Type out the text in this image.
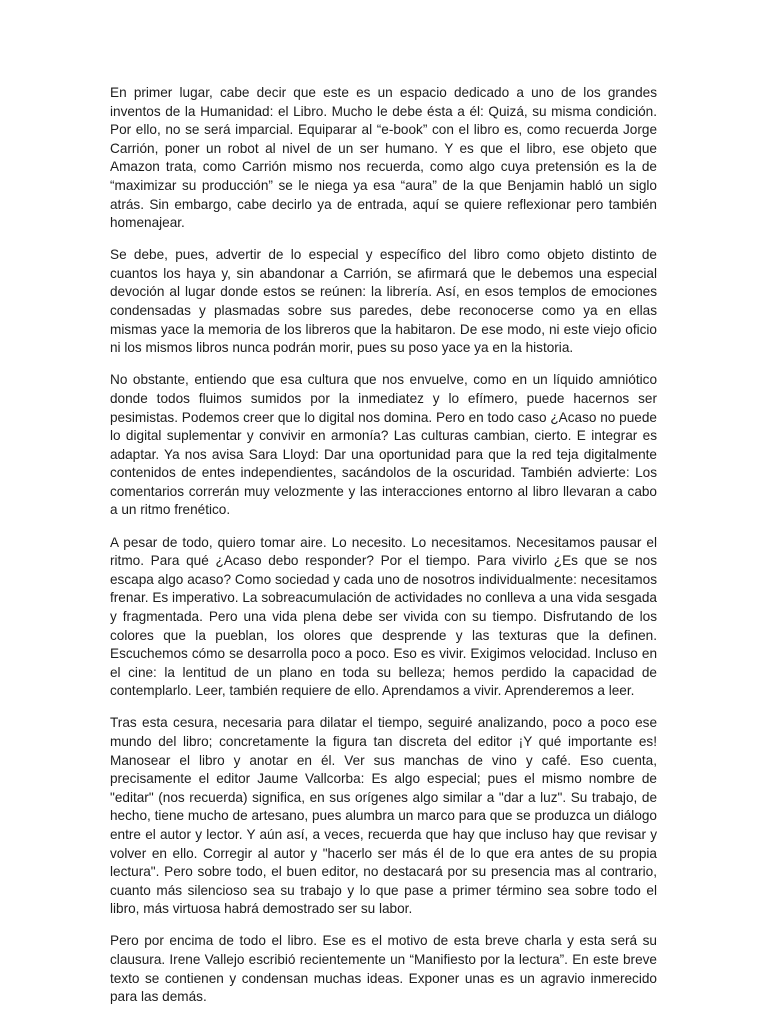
En primer lugar, cabe decir que este es un espacio dedicado a uno de los grandes inventos de la Humanidad: el Libro. Mucho le debe ésta a él: Quizá, su misma condición. Por ello, no se será imparcial. Equiparar al “e-book” con el libro es, como recuerda Jorge Carrión, poner un robot al nivel de un ser humano. Y es que el libro, ese objeto que Amazon trata, como Carrión mismo nos recuerda, como algo cuya pretensión es la de “maximizar su producción” se le niega ya esa “aura” de la que Benjamin habló un siglo atrás. Sin embargo, cabe decirlo ya de entrada, aquí se quiere reflexionar pero también homenajear.

Se debe, pues, advertir de lo especial y específico del libro como objeto distinto de cuantos los haya y, sin abandonar a Carrión, se afirmará que le debemos una especial devoción al lugar donde estos se reúnen: la librería. Así, en esos templos de emociones condensadas y plasmadas sobre sus paredes, debe reconocerse como ya en ellas mismas yace la memoria de los libreros que la habitaron. De ese modo, ni este viejo oficio ni los mismos libros nunca podrán morir, pues su poso yace ya en la historia.

No obstante, entiendo que esa cultura que nos envuelve, como en un líquido amniótico donde todos fluimos sumidos por la inmediatez y lo efímero, puede hacernos ser pesimistas. Podemos creer que lo digital nos domina. Pero en todo caso ¿Acaso no puede lo digital suplementar y convivir en armonía? Las culturas cambian, cierto. E integrar es adaptar. Ya nos avisa Sara Lloyd: Dar una oportunidad para que la red teja digitalmente contenidos de entes independientes, sacándolos de la oscuridad. También advierte: Los comentarios correrán muy velozmente y las interacciones entorno al libro llevaran a cabo a un ritmo frenético.

A pesar de todo, quiero tomar aire. Lo necesito. Lo necesitamos. Necesitamos pausar el ritmo. Para qué ¿Acaso debo responder? Por el tiempo. Para vivirlo ¿Es que se nos escapa algo acaso? Como sociedad y cada uno de nosotros individualmente: necesitamos frenar. Es imperativo. La sobreacumulación de actividades no conlleva a una vida sesgada y fragmentada. Pero una vida plena debe ser vivida con su tiempo. Disfrutando de los colores que la pueblan, los olores que desprende y las texturas que la definen. Escuchemos cómo se desarrolla poco a poco. Eso es vivir. Exigimos velocidad. Incluso en el cine: la lentitud de un plano en toda su belleza; hemos perdido la capacidad de contemplarlo. Leer, también requiere de ello. Aprendamos a vivir. Aprenderemos a leer.

Tras esta cesura, necesaria para dilatar el tiempo, seguiré analizando, poco a poco ese mundo del libro; concretamente la figura tan discreta del editor ¡Y qué importante es! Manosear el libro y anotar en él. Ver sus manchas de vino y café. Eso cuenta, precisamente el editor Jaume Vallcorba: Es algo especial; pues el mismo nombre de "editar" (nos recuerda) significa, en sus orígenes algo similar a "dar a luz". Su trabajo, de hecho, tiene mucho de artesano, pues alumbra un marco para que se produzca un diálogo entre el autor y lector. Y aún así, a veces, recuerda que hay que incluso hay que revisar y volver en ello. Corregir al autor y "hacerlo ser más él de lo que era antes de su propia lectura". Pero sobre todo, el buen editor, no destacará por su presencia mas al contrario, cuanto más silencioso sea su trabajo y lo que pase a primer término sea sobre todo el libro, más virtuosa habrá demostrado ser su labor.

Pero por encima de todo el libro. Ese es el motivo de esta breve charla y esta será su clausura. Irene Vallejo escribió recientemente un “Manifiesto por la lectura”. En este breve texto se contienen y condensan muchas ideas. Exponer unas es un agravio inmerecido para las demás.
